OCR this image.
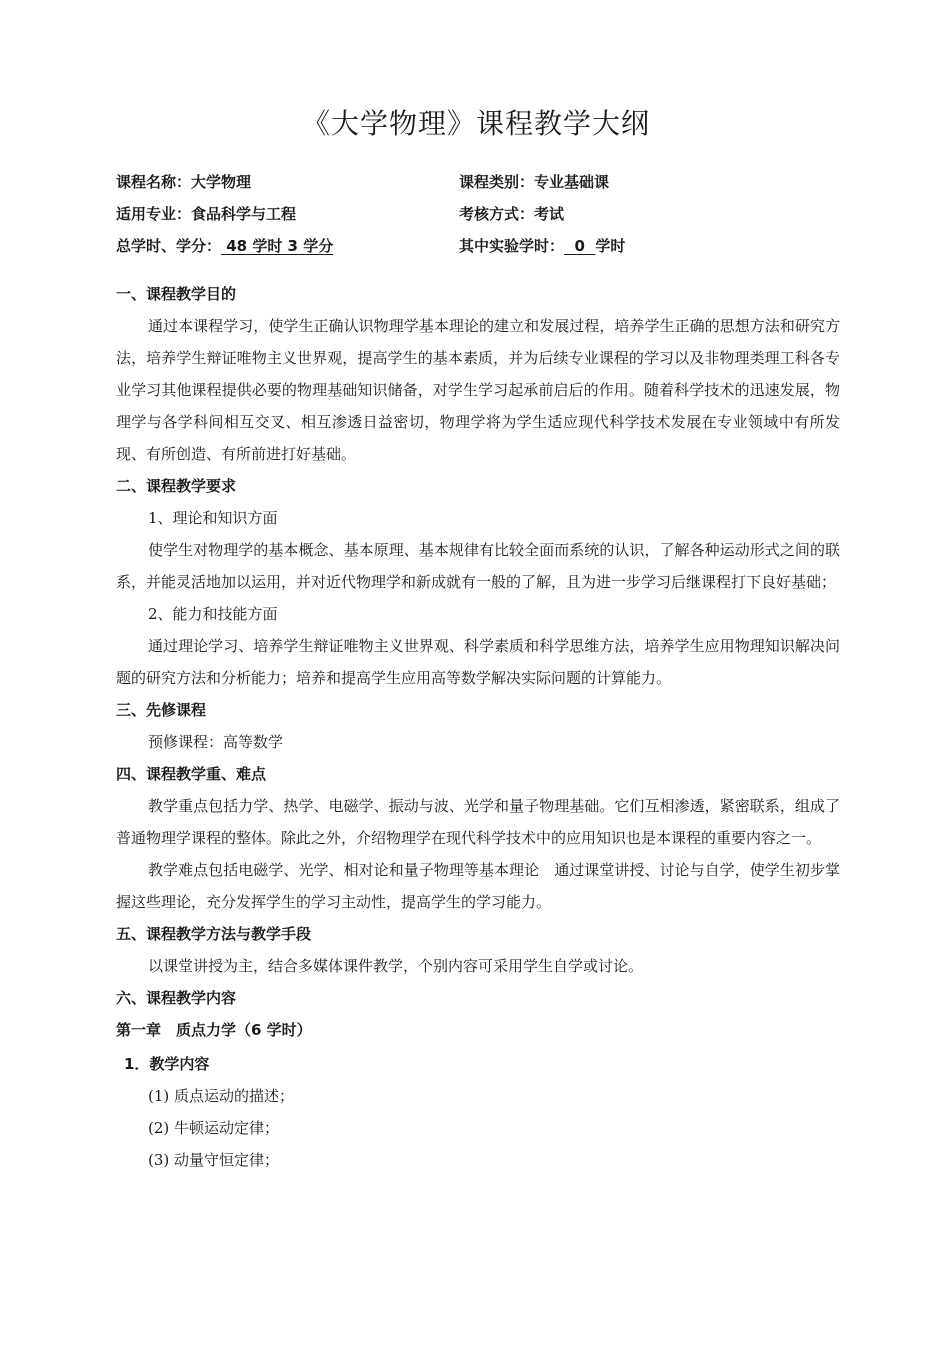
《大学物理》课程教学大纲
课程名称：大学物理	课程类别：专业基础课
适用专业：食品科学与工程	考核方式：考试
总学时、学分： 48 学时 3 学分	其中实验学时：  0  学时
一、课程教学目的
通过本课程学习，使学生正确认识物理学基本理论的建立和发展过程，培养学生正确的思想方法和研究方法，培养学生辩证唯物主义世界观，提高学生的基本素质，并为后续专业课程的学习以及非物理类理工科各专业学习其他课程提供必要的物理基础知识储备，对学生学习起承前启后的作用。随着科学技术的迅速发展，物理学与各学科间相互交叉、相互渗透日益密切，物理学将为学生适应现代科学技术发展在专业领域中有所发现、有所创造、有所前进打好基础。
二、课程教学要求
1、理论和知识方面
使学生对物理学的基本概念、基本原理、基本规律有比较全面而系统的认识，了解各种运动形式之间的联系，并能灵活地加以运用，并对近代物理学和新成就有一般的了解，且为进一步学习后继课程打下良好基础；
2、能力和技能方面
通过理论学习、培养学生辩证唯物主义世界观、科学素质和科学思维方法，培养学生应用物理知识解决问题的研究方法和分析能力；培养和提高学生应用高等数学解决实际问题的计算能力。
三、先修课程
预修课程：高等数学
四、课程教学重、难点
教学重点包括力学、热学、电磁学、振动与波、光学和量子物理基础。它们互相渗透，紧密联系，组成了普通物理学课程的整体。除此之外，介绍物理学在现代科学技术中的应用知识也是本课程的重要内容之一。
教学难点包括电磁学、光学、相对论和量子物理等基本理论　通过课堂讲授、讨论与自学，使学生初步掌握这些理论，充分发挥学生的学习主动性，提高学生的学习能力。
五、课程教学方法与教学手段
以课堂讲授为主，结合多媒体课件教学，个别内容可采用学生自学或讨论。
六、课程教学内容
第一章　质点力学（6 学时）
1．教学内容
(1) 质点运动的描述；
(2) 牛顿运动定律；
(3) 动量守恒定律；
